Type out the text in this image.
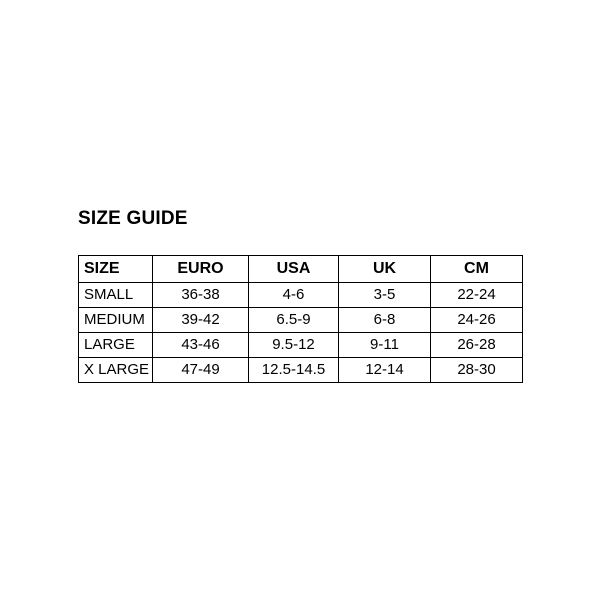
SIZE GUIDE
SIZE	EURO	USA	UK	CM
SMALL	36-38	4-6	3-5	22-24
MEDIUM	39-42	6.5-9	6-8	24-26
LARGE	43-46	9.5-12	9-11	26-28
X LARGE	47-49	12.5-14.5	12-14	28-30
